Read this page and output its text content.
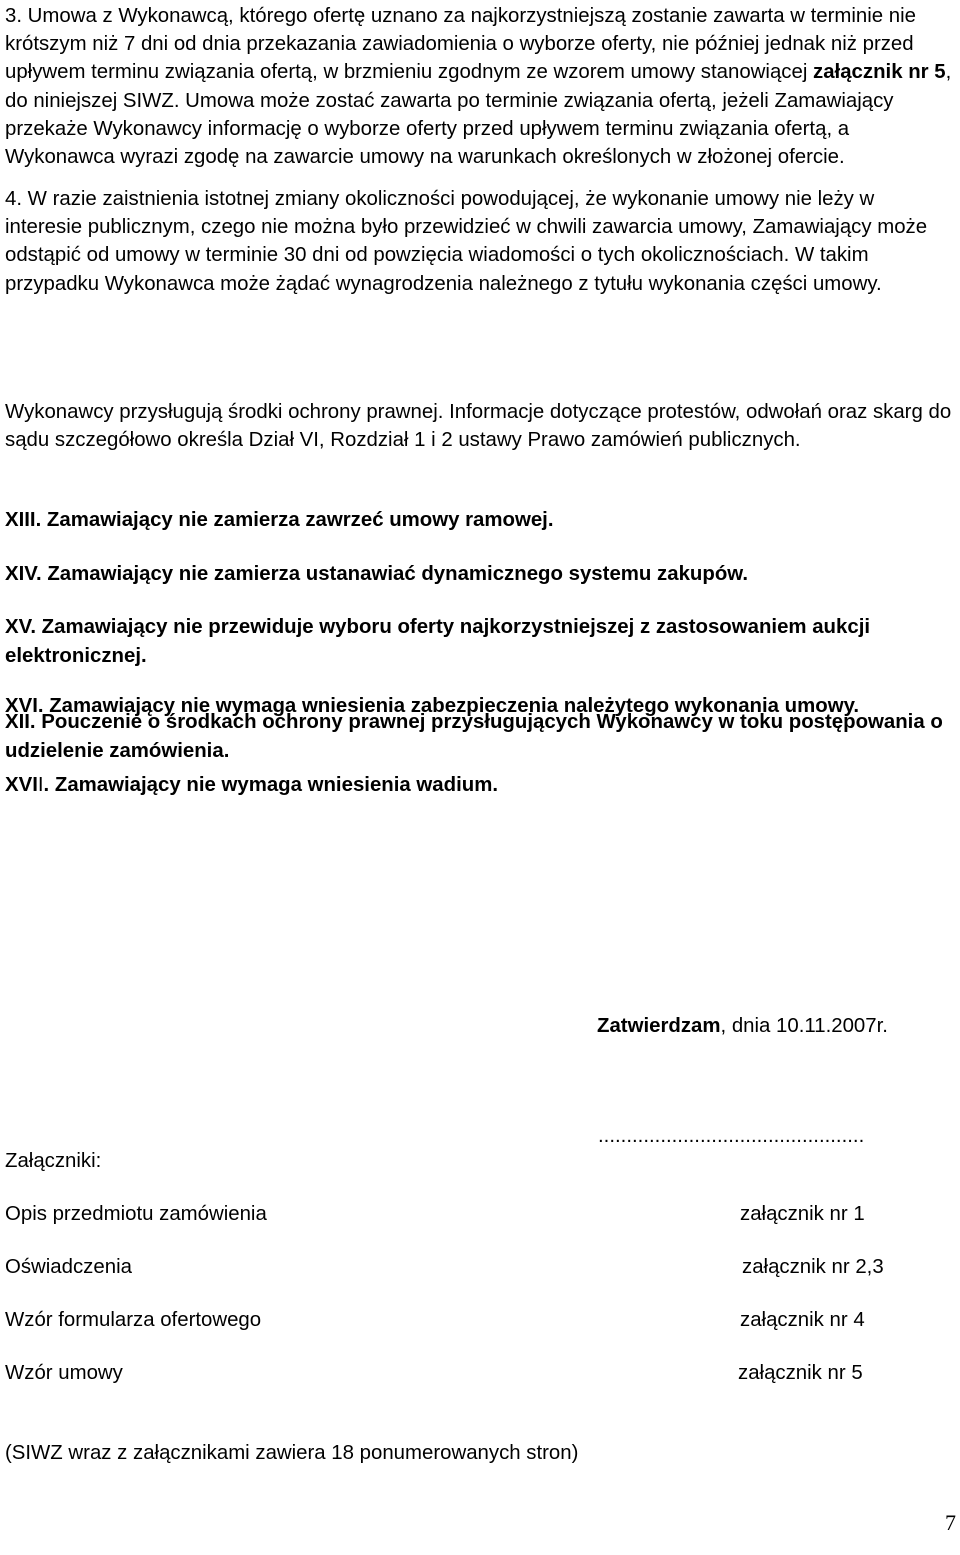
3. Umowa z Wykonawcą, którego ofertę uznano za najkorzystniejszą zostanie zawarta w terminie nie krótszym niż 7 dni od dnia przekazania zawiadomienia o wyborze oferty, nie później jednak niż przed upływem terminu związania ofertą, w brzmieniu zgodnym ze wzorem umowy stanowiącej załącznik nr 5, do niniejszej SIWZ. Umowa może zostać zawarta po terminie związania ofertą, jeżeli Zamawiający przekaże Wykonawcy informację o wyborze oferty przed upływem terminu związania ofertą, a Wykonawca wyrazi zgodę na zawarcie umowy na warunkach określonych w złożonej ofercie.

4. W razie zaistnienia istotnej zmiany okoliczności powodującej, że wykonanie umowy nie leży w interesie publicznym, czego nie można było przewidzieć w chwili zawarcia umowy, Zamawiający może odstąpić od umowy w terminie 30 dni od powzięcia wiadomości o tych okolicznościach. W takim przypadku Wykonawca może żądać wynagrodzenia należnego z tytułu wykonania części umowy.

XII. Pouczenie o środkach ochrony prawnej przysługujących Wykonawcy w toku postępowania o udzielenie zamówienia.

Wykonawcy przysługują środki ochrony prawnej. Informacje dotyczące protestów, odwołań oraz skarg do sądu szczegółowo określa Dział VI, Rozdział 1 i 2 ustawy Prawo zamówień publicznych.

XIII. Zamawiający nie zamierza zawrzeć umowy ramowej.

XIV. Zamawiający nie zamierza ustanawiać dynamicznego systemu zakupów.

XV. Zamawiający nie przewiduje wyboru oferty najkorzystniejszej z zastosowaniem aukcji elektronicznej.

XVI. Zamawiający nie wymaga wniesienia zabezpieczenia należytego wykonania umowy.

XVII. Zamawiający nie wymaga wniesienia wadium.

Zatwierdzam, dnia 10.11.2007r.
...............................................
Załączniki:
Opis przedmiotu zamówienia	załącznik nr 1
Oświadczenia	załącznik nr 2,3
Wzór formularza ofertowego	załącznik nr 4
Wzór umowy	załącznik nr 5
(SIWZ wraz z załącznikami zawiera 18 ponumerowanych stron)
7
